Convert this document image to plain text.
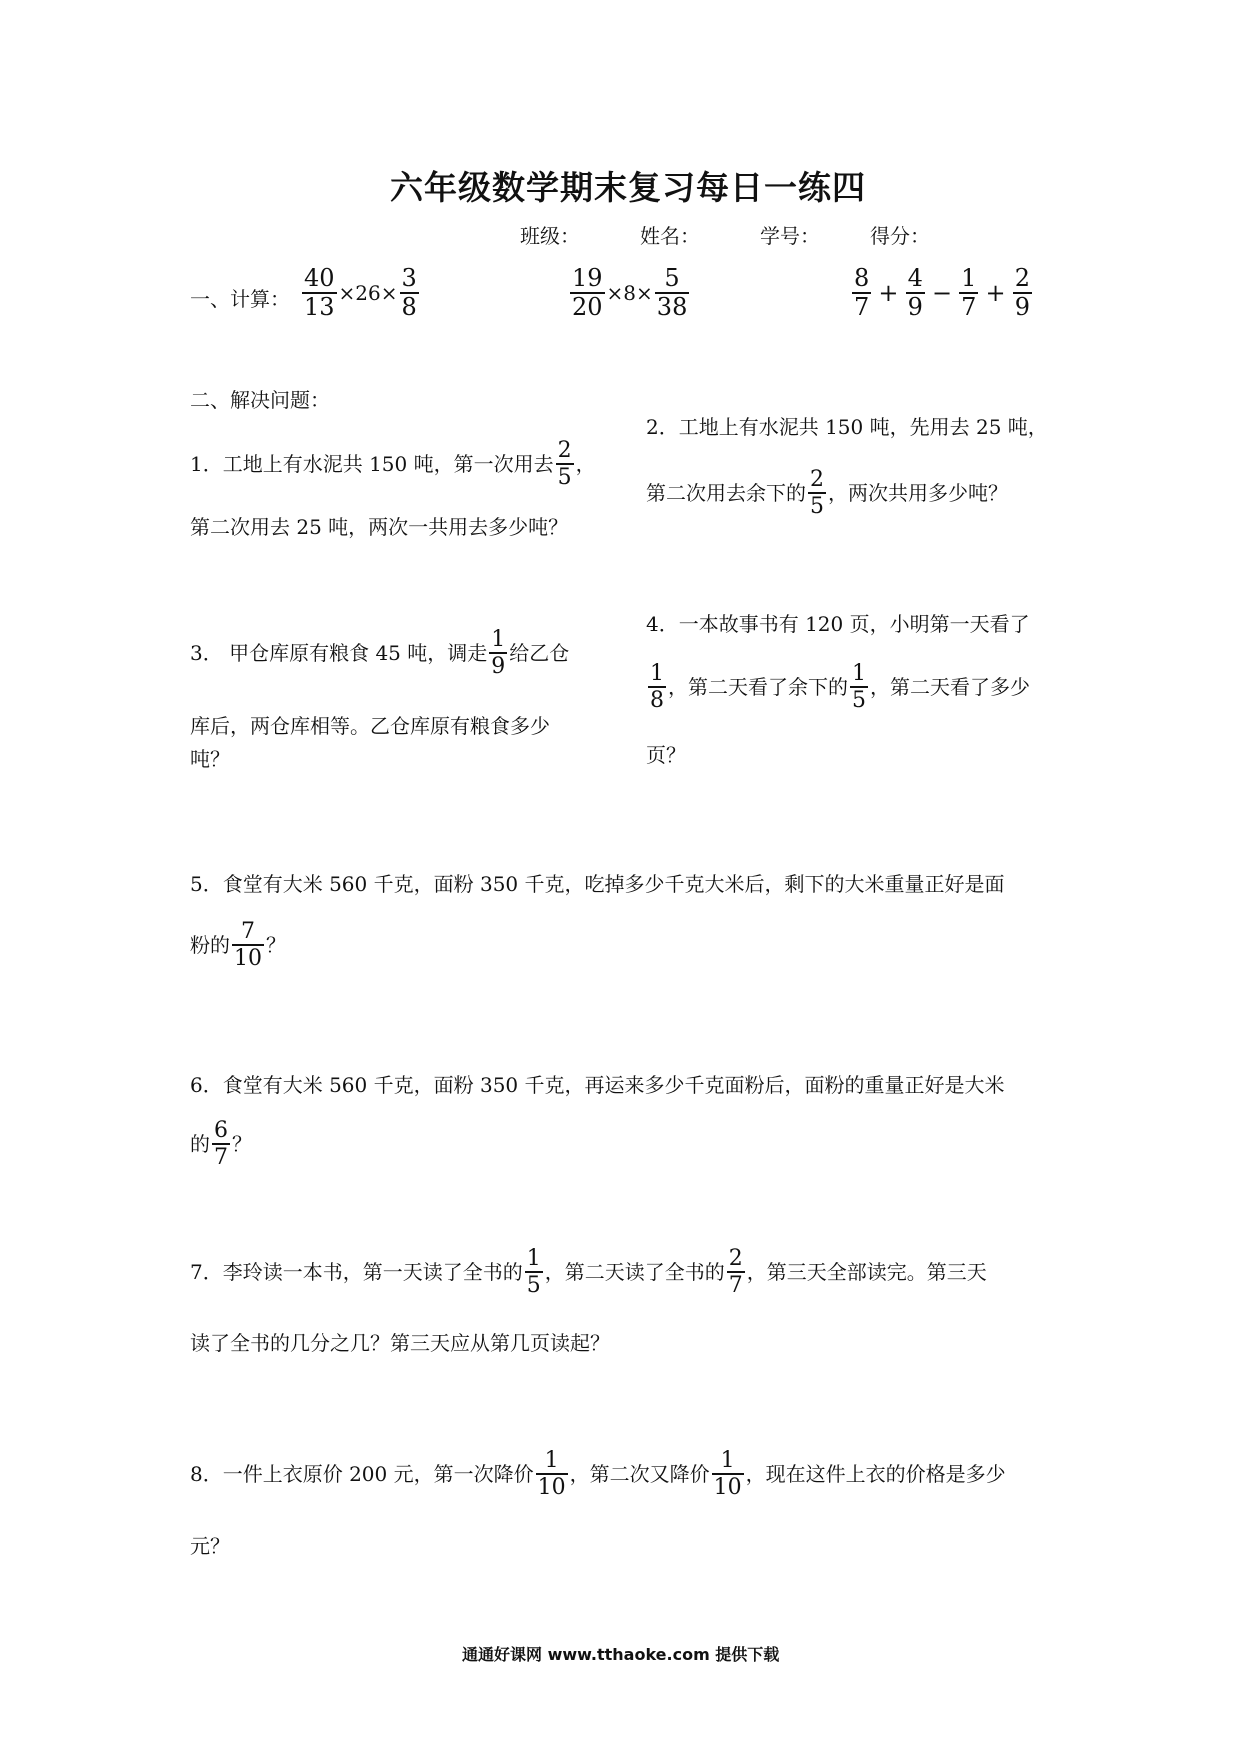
六年级数学期末复习每日一练四
班级：	姓名：	学号：	得分：
一、计算： $\frac{40}{13} \times 26\times \frac{3}{8}$	$\frac{19}{20} \times 8\times \frac{5}{38}$	$\frac{8}{7} + \frac{4}{9} - \frac{1}{7} + \frac{2}{9}$
二、解决问题：
1．工地上有水泥共 150 吨，第一次用去 $\frac{2}{5}$ ，
第二次用去 25 吨，两次一共用去多少吨？
2．工地上有水泥共 150 吨，先用去 25 吨，
第二次用去余下的 $\frac{2}{5}$ ，两次共用多少吨？
3． 甲仓库原有粮食 45 吨，调走 $\frac{1}{9}$ 给乙仓
库后，两仓库相等。乙仓库原有粮食多少
吨？
4．一本故事书有 120 页，小明第一天看了
$\frac{1}{8}$ ，第二天看了余下的 $\frac{1}{5}$ ，第二天看了多少
页？
5．食堂有大米 560 千克，面粉 350 千克，吃掉多少千克大米后，剩下的大米重量正好是面
粉的 $\frac{7}{10}$ ？
6．食堂有大米 560 千克，面粉 350 千克，再运来多少千克面粉后，面粉的重量正好是大米
的 $\frac{6}{7}$ ？
7．李玲读一本书，第一天读了全书的 $\frac{1}{5}$ ，第二天读了全书的 $\frac{2}{7}$ ，第三天全部读完。第三天
读了全书的几分之几？第三天应从第几页读起？
8．一件上衣原价 200 元，第一次降价 $\frac{1}{10}$ ，第二次又降价 $\frac{1}{10}$ ，现在这件上衣的价格是多少
元？
通通好课网 www.tthaoke.com 提供下载
